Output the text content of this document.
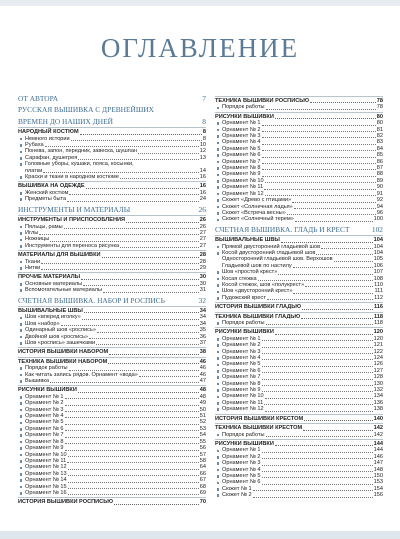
ОГЛАВЛЕНИЕ
ОТ АВТОРА	7
РУССКАЯ ВЫШИВКА С ДРЕВНЕЙШИХ
ВРЕМЕН ДО НАШИХ ДНЕЙ	8
НАРОДНЫЙ КОСТЮМ	8
Немного истории	8
Рубаха	10
Понева, запон, передник, завеска, шушпан	12
Сарафан, душегрея	13
Головные уборы, кушаки, пояса, косынки,
платки	14
Краски и ткани в народном костюме	16
ВЫШИВКА НА ОДЕЖДЕ	16
Женский костюм	16
Предметы быта	24
ИНСТРУМЕНТЫ И МАТЕРИАЛЫ	26
ИНСТРУМЕНТЫ И ПРИСПОСОБЛЕНИЯ	26
Пяльцы, рамы	26
Иглы	27
Ножницы	27
Инструменты для переноса рисунка	27
МАТЕРИАЛЫ ДЛЯ ВЫШИВКИ	28
Ткани	28
Нитки	29
ПРОЧИЕ МАТЕРИАЛЫ	30
Основные материалы	30
Вспомогательные материалы	31
СЧЕТНАЯ ВЫШИВКА. НАБОР И РОСПИСЬ	32
ВЫШИВАЛЬНЫЕ ШВЫ	34
Шов «вперед иголку»	34
Шов «набор»	34
Одинарный шов «роспись»	35
Двойной шов «роспись»	36
Шов «роспись» зашечками	37
ИСТОРИЯ ВЫШИВКИ НАБОРОМ	38
ТЕХНИКА ВЫШИВКИ НАБОРОМ	46
Порядок работы	46
Как читать запись рядов. Орнамент «вода»	46
Вышивка	47
РИСУНКИ ВЫШИВКИ	48
Орнамент № 1	48
Орнамент № 2	49
Орнамент № 3	50
Орнамент № 4	51
Орнамент № 5	52
Орнамент № 6	53
Орнамент № 7	54
Орнамент № 8	55
Орнамент № 9	56
Орнамент № 10	57
Орнамент № 11	58
Орнамент № 12	64
Орнамент № 13	66
Орнамент № 14	67
Орнамент № 15	68
Орнамент № 16	69
ИСТОРИЯ ВЫШИВКИ РОСПИСЬЮ	70
ТЕХНИКА ВЫШИВКИ РОСПИСЬЮ	78
Порядок работы	78
РИСУНКИ ВЫШИВКИ	80
Орнамент № 1	80
Орнамент № 2	81
Орнамент № 3	82
Орнамент № 4	83
Орнамент № 5	84
Орнамент № 6	85
Орнамент № 7	86
Орнамент № 8	87
Орнамент № 9	88
Орнамент № 10	89
Орнамент № 11	90
Орнамент № 12	91
Сюжет «Древо с птицами»	92
Сюжет «Солнечная ладья»	94
Сюжет «Встреча весны»	96
Сюжет «Солнечный терем»	100
СЧЕТНАЯ ВЫШИВКА. ГЛАДЬ И КРЕСТ	102
ВЫШИВАЛЬНЫЕ ШВЫ	104
Прямой двусторонний гладьевой шов	104
Косой двусторонний гладьевой шов	104
Односторонний гладьевой шов. Верхошов	105
Гладьевой шов по настилу	106
Шов «простой крест»	107
Косая стежка	108
Косой стежок, шов «полукрест»	110
Шов «двусторонний крест»	111
Пудожский крест	112
ИСТОРИЯ ВЫШИВКИ ГЛАДЬЮ	116
ТЕХНИКА ВЫШИВКИ ГЛАДЬЮ	118
Порядок работы	118
РИСУНКИ ВЫШИВКИ	120
Орнамент № 1	120
Орнамент № 2	121
Орнамент № 3	122
Орнамент № 4	124
Орнамент № 5	126
Орнамент № 6	127
Орнамент № 7	128
Орнамент № 8	130
Орнамент № 9	132
Орнамент № 10	134
Орнамент № 11	136
Орнамент № 12	138
ИСТОРИЯ ВЫШИВКИ КРЕСТОМ	140
ТЕХНИКА ВЫШИВКИ КРЕСТОМ	142
Порядок работы	142
РИСУНКИ ВЫШИВКИ	144
Орнамент № 1	144
Орнамент № 2	146
Орнамент № 3	147
Орнамент № 4	148
Орнамент № 5	150
Орнамент № 6	153
Сюжет № 1	154
Сюжет № 2	156
